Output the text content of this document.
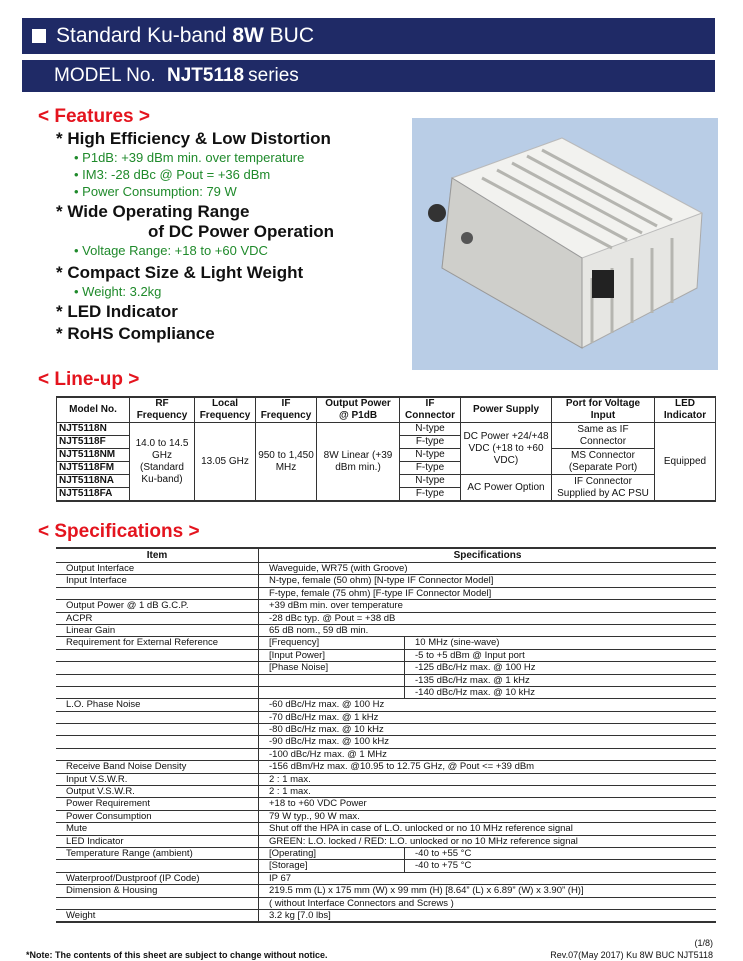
Standard Ku-band
8W
BUC
MODEL No.
NJT5118 series
< Features >
* High Efficiency & Low Distortion
• P1dB: +39 dBm min. over temperature
• IM3: -28 dBc @ Pout = +36 dBm
• Power Consumption: 79 W
* Wide Operating Range
of DC Power Operation
• Voltage Range: +18 to +60 VDC
* Compact Size & Light Weight
• Weight: 3.2kg
* LED Indicator
* RoHS Compliance
< Line-up >
Model No.	RF Frequency	Local Frequency	IF Frequency	Output Power @ P1dB	IF Connector	Power Supply	Port for Voltage Input	LED Indicator
NJT5118N	14.0 to 14.5 GHz (Standard Ku-band)	13.05 GHz	950 to 1,450 MHz	8W Linear (+39 dBm min.)	N-type	DC Power +24/+48 VDC (+18 to +60 VDC)	Same as IF Connector	Equipped
NJT5118F					F-type			
NJT5118NM					N-type		MS Connector (Separate Port)	
NJT5118FM					F-type			
NJT5118NA					N-type	AC Power Option	IF Connector Supplied by AC PSU	
NJT5118FA					F-type			
< Specifications >
Item	Specifications	
Output Interface	Waveguide, WR75 (with Groove)	
Input Interface	N-type, female (50 ohm) [N-type IF Connector Model]	
	F-type, female (75 ohm) [F-type IF Connector Model]	
Output Power @ 1 dB G.C.P.	+39 dBm min. over temperature	
ACPR	-28 dBc typ. @ Pout = +38 dB	
Linear Gain	65 dB nom., 59 dB min.	
Requirement for External Reference	[Frequency]	10 MHz (sine-wave)
	[Input Power]	-5 to +5 dBm @ Input port
	[Phase Noise]	-125 dBc/Hz max. @ 100 Hz
		-135 dBc/Hz max. @ 1 kHz
		-140 dBc/Hz max. @ 10 kHz
L.O. Phase Noise	-60 dBc/Hz max. @ 100 Hz	
	-70 dBc/Hz max. @ 1 kHz	
	-80 dBc/Hz max. @ 10 kHz	
	-90 dBc/Hz max. @ 100 kHz	
	-100 dBc/Hz max. @ 1 MHz	
Receive Band Noise Density	-156 dBm/Hz max. @10.95 to 12.75 GHz, @ Pout <= +39 dBm	
Input V.S.W.R.	2 : 1 max.	
Output V.S.W.R.	2 : 1 max.	
Power Requirement	+18 to +60 VDC Power	
Power Consumption	79 W typ., 90 W max.	
Mute	Shut off the HPA in case of L.O. unlocked or no 10 MHz reference signal	
LED Indicator	GREEN: L.O. locked / RED: L.O. unlocked or no 10 MHz reference signal	
Temperature Range (ambient)	[Operating]	-40 to +55 °C
	[Storage]	-40 to +75 °C
Waterproof/Dustproof (IP Code)	IP 67	
Dimension & Housing	219.5 mm (L) x 175 mm (W) x 99 mm (H) [8.64” (L) x 6.89” (W) x 3.90” (H)]	
	( without Interface Connectors and Screws )	
Weight	3.2 kg [7.0 lbs]	
*Note: The contents of this sheet are subject to change without notice.
(1/8)
Rev.07(May 2017) Ku 8W BUC NJT5118
